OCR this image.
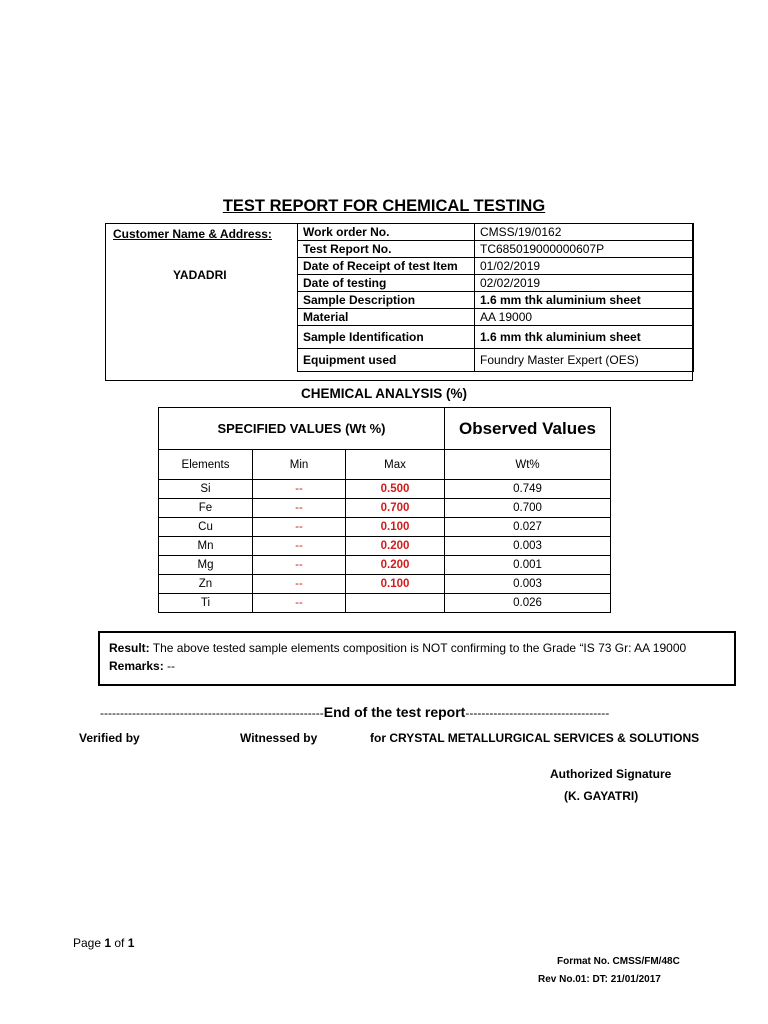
TEST REPORT FOR CHEMICAL TESTING
Customer Name & Address:
YADADRI
Work order No.	CMSS/19/0162
Test Report No.	TC685019000000607P
Date of Receipt of test Item	01/02/2019
Date of testing	02/02/2019
Sample Description	1.6 mm thk aluminium sheet
Material	AA 19000
Sample Identification	1.6 mm thk aluminium sheet
Equipment used	Foundry Master Expert (OES)
CHEMICAL ANALYSIS (%)
SPECIFIED VALUES (Wt %)			Observed Values
Elements	Min	Max	Wt%
Si	--	0.500	0.749
Fe	--	0.700	0.700
Cu	--	0.100	0.027
Mn	--	0.200	0.003
Mg	--	0.200	0.001
Zn	--	0.100	0.003
Ti	--		0.026
Result: The above tested sample elements composition is NOT confirming to the Grade “IS 73 Gr: AA 19000
Remarks: --
--------------------------------------------------------End of the test report------------------------------------
Verified by	Witnessed by	for CRYSTAL METALLURGICAL SERVICES & SOLUTIONS
Authorized Signature
(K. GAYATRI)
Page 1 of 1
Format No. CMSS/FM/48C
Rev No.01: DT: 21/01/2017
